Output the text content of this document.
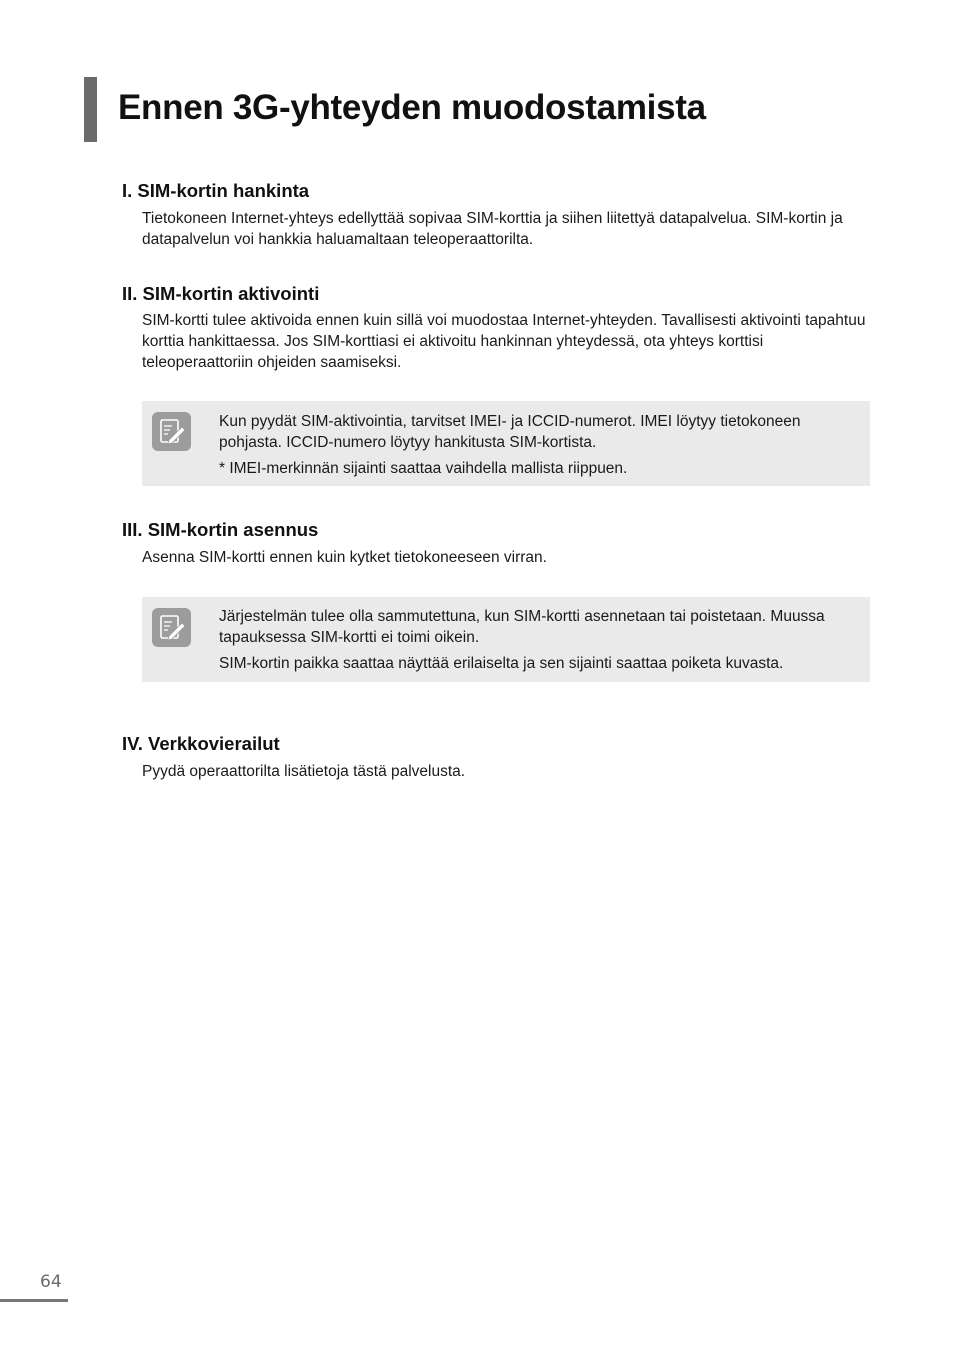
Ennen 3G-yhteyden muodostamista
I. SIM-kortin hankinta

Tietokoneen Internet-yhteys edellyttää sopivaa SIM-korttia ja siihen liitettyä datapalvelua. SIM-kortin ja datapalvelun voi hankkia haluamaltaan teleoperaattorilta.

II. SIM-kortin aktivointi

SIM-kortti tulee aktivoida ennen kuin sillä voi muodostaa Internet-yhteyden. Tavallisesti aktivointi tapahtuu korttia hankittaessa. Jos SIM-korttiasi ei aktivoitu hankinnan yhteydessä, ota yhteys korttisi teleoperaattoriin ohjeiden saamiseksi.

Kun pyydät SIM-aktivointia, tarvitset IMEI- ja ICCID-numerot. IMEI löytyy tietokoneen pohjasta. ICCID-numero löytyy hankitusta SIM-kortista.

* IMEI-merkinnän sijainti saattaa vaihdella mallista riippuen.

III. SIM-kortin asennus

Asenna SIM-kortti ennen kuin kytket tietokoneeseen virran.

Järjestelmän tulee olla sammutettuna, kun SIM-kortti asennetaan tai poistetaan. Muussa tapauksessa SIM-kortti ei toimi oikein.

SIM-kortin paikka saattaa näyttää erilaiselta ja sen sijainti saattaa poiketa kuvasta.

IV. Verkkovierailut

Pyydä operaattorilta lisätietoja tästä palvelusta.

64
